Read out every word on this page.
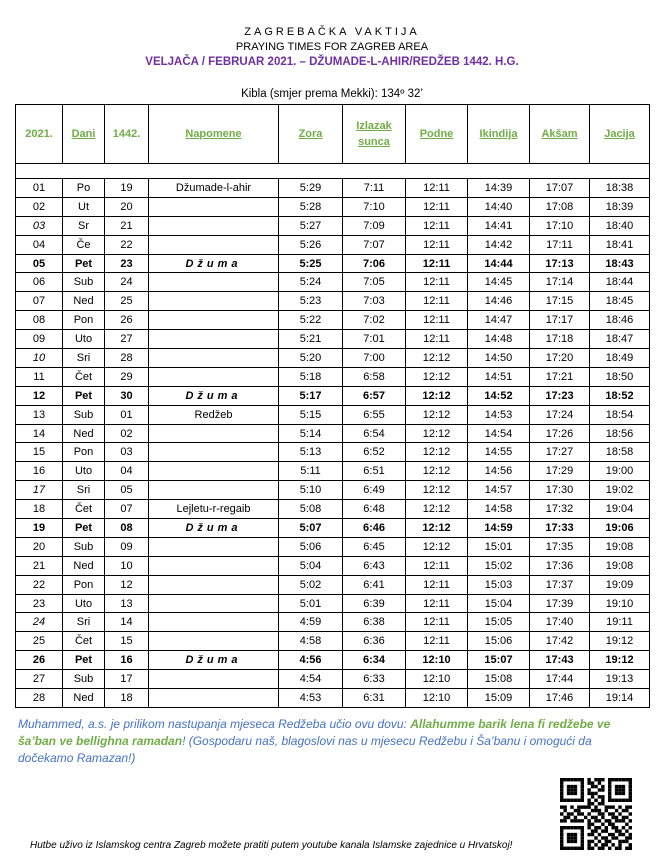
ZAGREBAČKA VAKTIJA
PRAYING TIMES FOR ZAGREB AREA
VELJAČA / FEBRUAR 2021. – DŽUMADE-L-AHIR/REDŽEB 1442. H.G.
Kibla (smjer prema Mekki): 134º 32’
2021.	Dani	1442.	Napomene	Zora	Izlazak sunca	Podne	Ikindija	Akšam	Jacija

01	Po	19	Džumade-l-ahir	5:29	7:11	12:11	14:39	17:07	18:38
02	Ut	20		5:28	7:10	12:11	14:40	17:08	18:39
03	Sr	21		5:27	7:09	12:11	14:41	17:10	18:40
04	Če	22		5:26	7:07	12:11	14:42	17:11	18:41
05	Pet	23	Džuma	5:25	7:06	12:11	14:44	17:13	18:43
06	Sub	24		5:24	7:05	12:11	14:45	17:14	18:44
07	Ned	25		5:23	7:03	12:11	14:46	17:15	18:45
08	Pon	26		5:22	7:02	12:11	14:47	17:17	18:46
09	Uto	27		5:21	7:01	12:11	14:48	17:18	18:47
10	Sri	28		5:20	7:00	12:12	14:50	17:20	18:49
11	Čet	29		5:18	6:58	12:12	14:51	17:21	18:50
12	Pet	30	Džuma	5:17	6:57	12:12	14:52	17:23	18:52
13	Sub	01	Redžeb	5:15	6:55	12:12	14:53	17:24	18:54
14	Ned	02		5:14	6:54	12:12	14:54	17:26	18:56
15	Pon	03		5:13	6:52	12:12	14:55	17:27	18:58
16	Uto	04		5:11	6:51	12:12	14:56	17:29	19:00
17	Sri	05		5:10	6:49	12:12	14:57	17:30	19:02
18	Čet	07	Lejletu-r-regaib	5:08	6:48	12:12	14:58	17:32	19:04
19	Pet	08	Džuma	5:07	6:46	12:12	14:59	17:33	19:06
20	Sub	09		5:06	6:45	12:12	15:01	17:35	19:08
21	Ned	10		5:04	6:43	12:11	15:02	17:36	19:08
22	Pon	12		5:02	6:41	12:11	15:03	17:37	19:09
23	Uto	13		5:01	6:39	12:11	15:04	17:39	19:10
24	Sri	14		4:59	6:38	12:11	15:05	17:40	19:11
25	Čet	15		4:58	6:36	12:11	15:06	17:42	19:12
26	Pet	16	Džuma	4:56	6:34	12:10	15:07	17:43	19:12
27	Sub	17		4:54	6:33	12:10	15:08	17:44	19:13
28	Ned	18		4:53	6:31	12:10	15:09	17:46	19:14
Muhammed, a.s. je prilikom nastupanja mjeseca Redžeba učio ovu dovu: Allahumme barik lena fi redžebe ve ša’ban ve bellighna ramadan! (Gospodaru naš, blagoslovi nas u mjesecu Redžebu i Ša’banu i omogući da dočekamo Ramazan!)
Hutbe uživo iz Islamskog centra Zagreb možete pratiti putem youtube kanala Islamske zajednice u Hrvatskoj!
